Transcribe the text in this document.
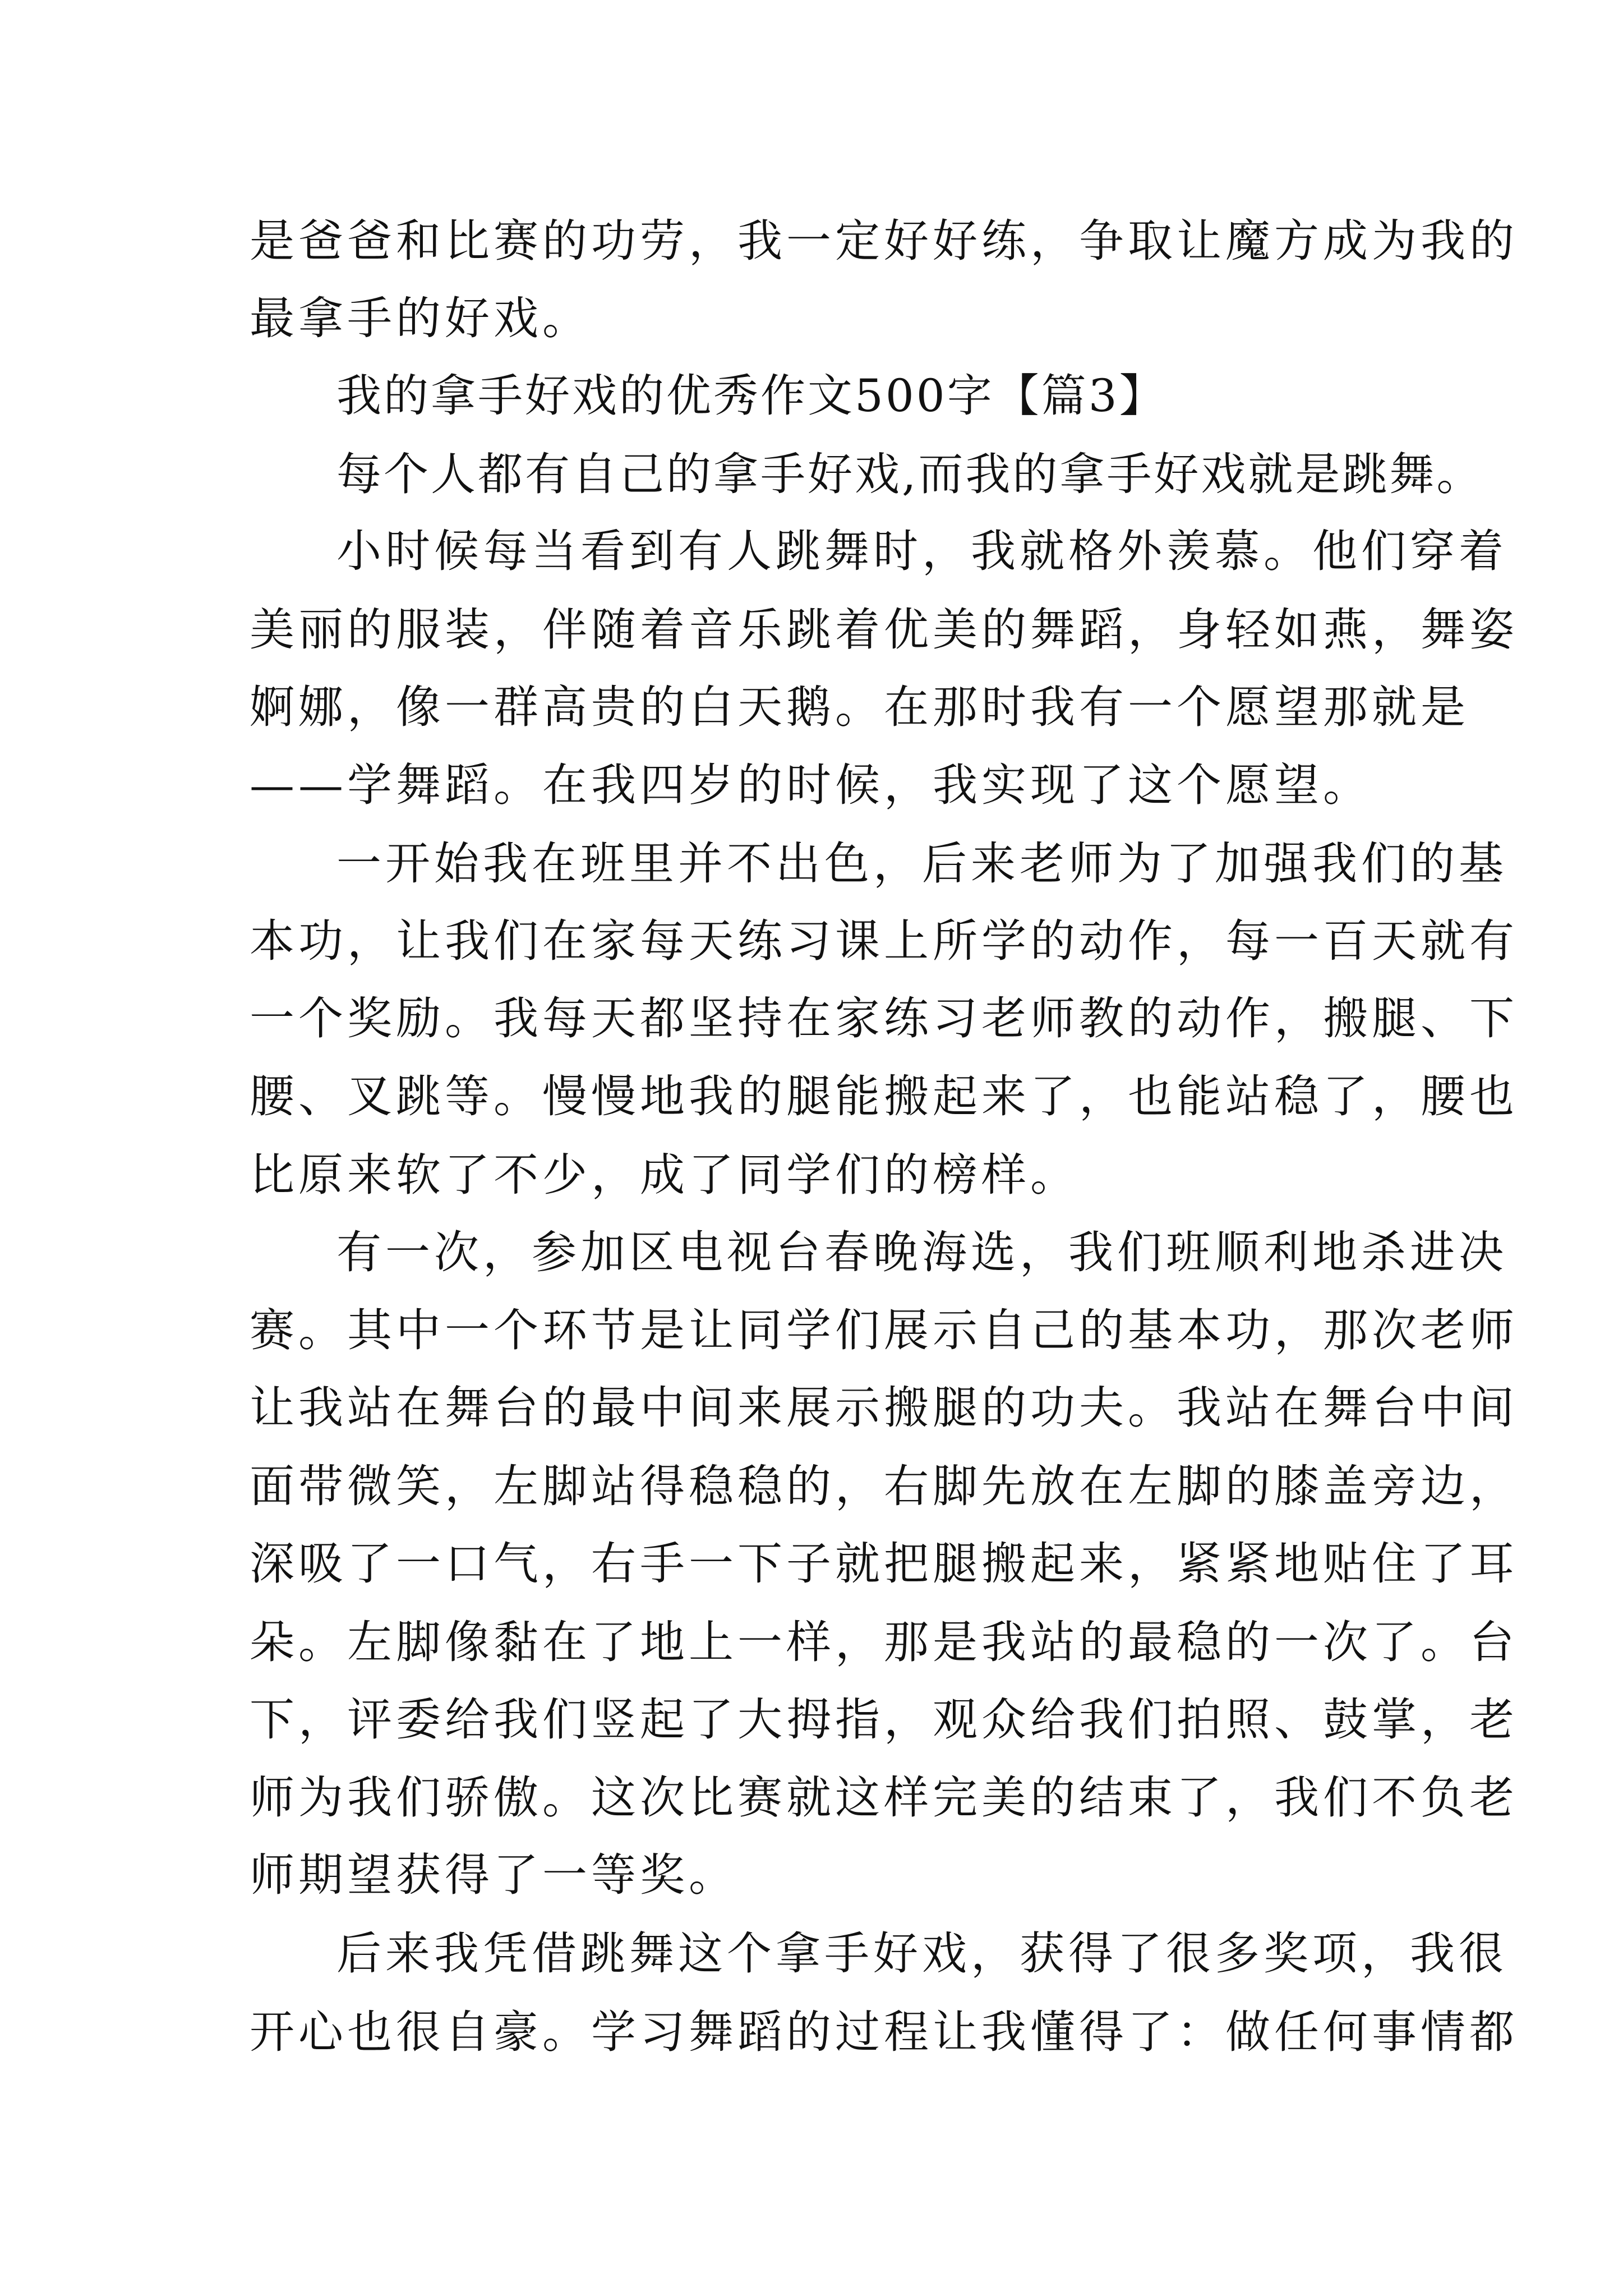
是爸爸和比赛的功劳，我一定好好练，争取让魔方成为我的

最拿手的好戏。

我的拿手好戏的优秀作文500字【篇3】

每个人都有自己的拿手好戏,而我的拿手好戏就是跳舞。

小时候每当看到有人跳舞时，我就格外羡慕。他们穿着

美丽的服装，伴随着音乐跳着优美的舞蹈，身轻如燕，舞姿

婀娜，像一群高贵的白天鹅。在那时我有一个愿望那就是

——学舞蹈。在我四岁的时候，我实现了这个愿望。

一开始我在班里并不出色，后来老师为了加强我们的基

本功，让我们在家每天练习课上所学的动作，每一百天就有

一个奖励。我每天都坚持在家练习老师教的动作，搬腿、下

腰、叉跳等。慢慢地我的腿能搬起来了，也能站稳了，腰也

比原来软了不少，成了同学们的榜样。

有一次，参加区电视台春晚海选，我们班顺利地杀进决

赛。其中一个环节是让同学们展示自己的基本功，那次老师

让我站在舞台的最中间来展示搬腿的功夫。我站在舞台中间

面带微笑，左脚站得稳稳的，右脚先放在左脚的膝盖旁边，

深吸了一口气，右手一下子就把腿搬起来，紧紧地贴住了耳

朵。左脚像黏在了地上一样，那是我站的最稳的一次了。台

下，评委给我们竖起了大拇指，观众给我们拍照、鼓掌，老

师为我们骄傲。这次比赛就这样完美的结束了，我们不负老

师期望获得了一等奖。

后来我凭借跳舞这个拿手好戏，获得了很多奖项，我很

开心也很自豪。学习舞蹈的过程让我懂得了：做任何事情都
